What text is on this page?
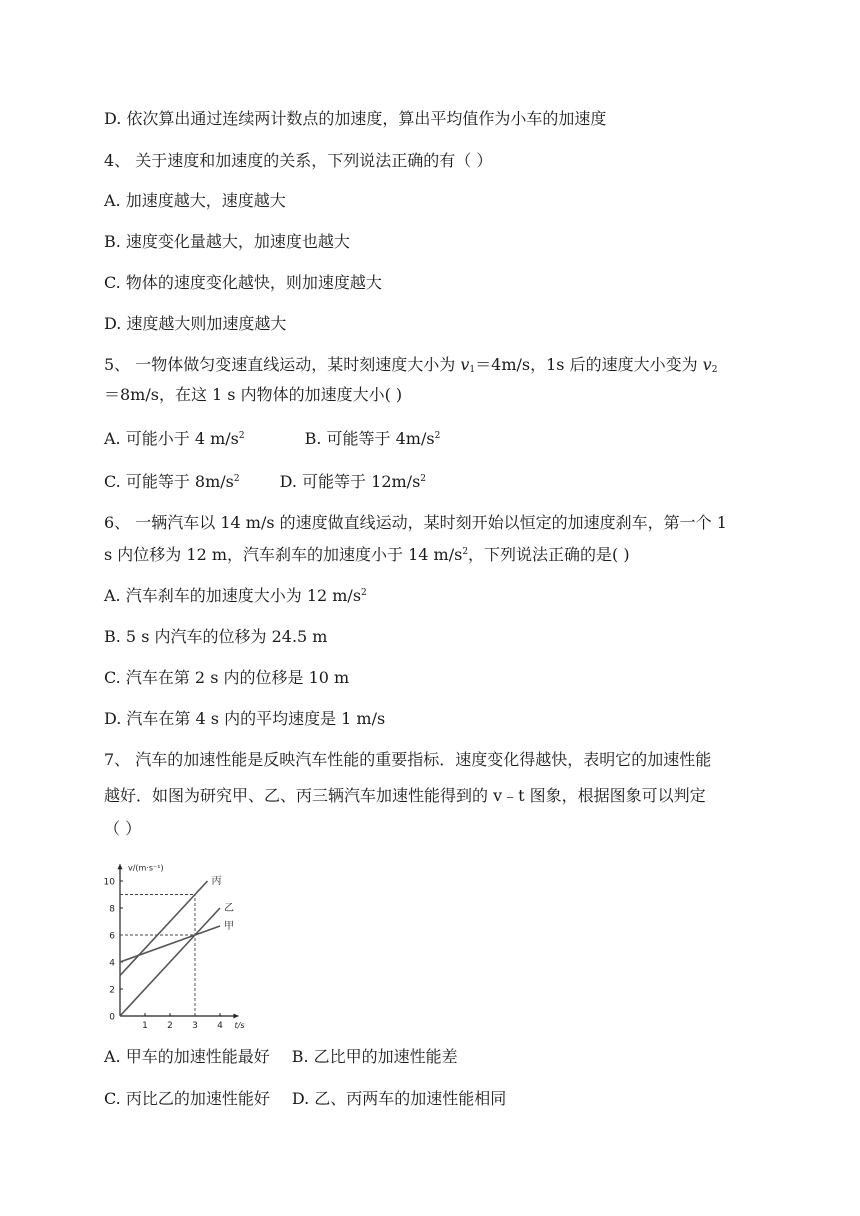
D. 依次算出通过连续两计数点的加速度，算出平均值作为小车的加速度
4、 关于速度和加速度的关系，下列说法正确的有（ ）
A. 加速度越大，速度越大
B. 速度变化量越大，加速度也越大
C. 物体的速度变化越快，则加速度越大
D. 速度越大则加速度越大
5、 一物体做匀变速直线运动，某时刻速度大小为 $v_1=4m/s$，1s 后的速度大小变为 $v_2$
＝8m/s，在这 1 s 内物体的加速度大小( )
A. 可能小于 4 $m/s^2$	B. 可能等于 $4m/s^2$
C. 可能等于 $8m/s^2$	D. 可能等于 $12m/s^2$
6、 一辆汽车以 14 m/s 的速度做直线运动，某时刻开始以恒定的加速度刹车，第一个 1
s 内位移为 12 m，汽车刹车的加速度小于 14 $m/s^2$，下列说法正确的是( )
A. 汽车刹车的加速度大小为 12 $m/s^2$
B. 5 s 内汽车的位移为 24.5 m
C. 汽车在第 2 s 内的位移是 10 m
D. 汽车在第 4 s 内的平均速度是 1 m/s
7、 汽车的加速性能是反映汽车性能的重要指标．速度变化得越快，表明它的加速性能
越好．如图为研究甲、乙、丙三辆汽车加速性能得到的 v﹣t 图象，根据图象可以判定
（ ）
0
2
4
6
8
10
1 2 3 4
v/(m·s⁻¹)
t/s
丙
乙
甲
A. 甲车的加速性能最好 B. 乙比甲的加速性能差
C. 丙比乙的加速性能好 D. 乙、丙两车的加速性能相同
